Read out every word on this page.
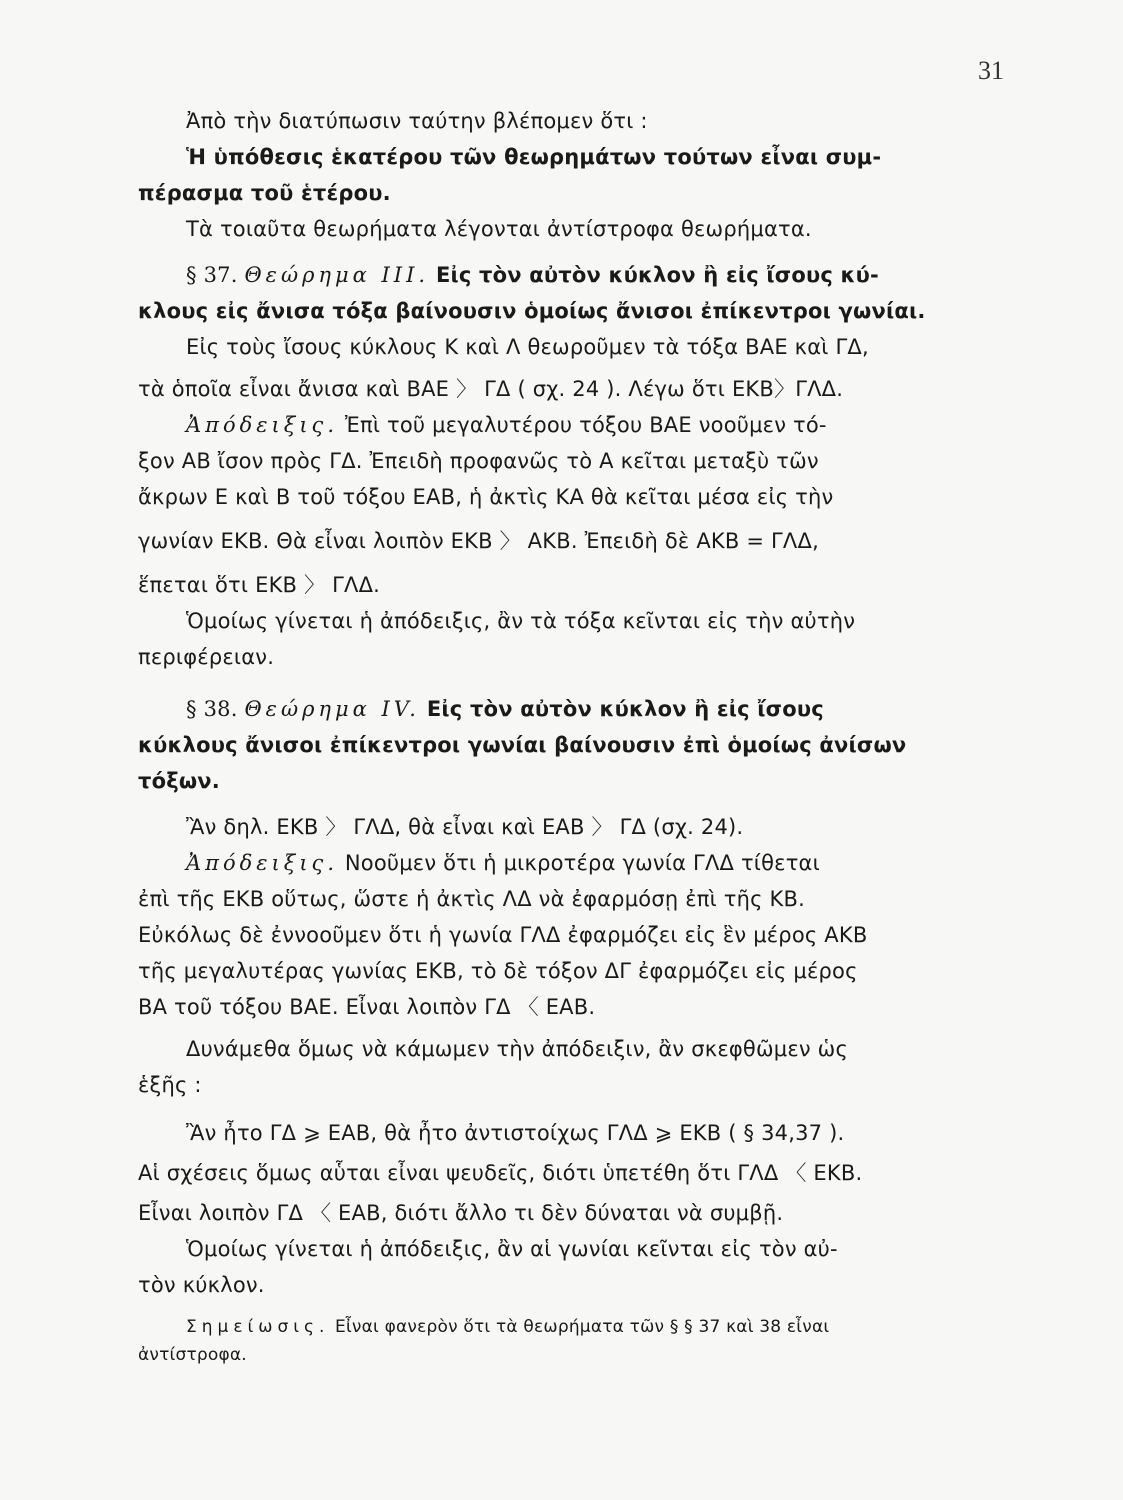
31
Ἀπὸ τὴν διατύπωσιν ταύτην βλέπομεν ὅτι :
Ἡ ὑπόθεσις ἑκατέρου τῶν θεωρημάτων τούτων εἶναι συμ-
πέρασμα τοῦ ἑτέρου.
Τὰ τοιαῦτα θεωρήματα λέγονται ἀντίστροφα θεωρήματα.
§ 37. Θεώρημα ΙΙΙ. Εἰς τὸν αὐτὸν κύκλον ἢ εἰς ἴσους κύ-
κλους εἰς ἄνισα τόξα βαίνουσιν ὁμοίως ἄνισοι ἐπίκεντροι γωνίαι.
Εἰς τοὺς ἴσους κύκλους Κ καὶ Λ θεωροῦμεν τὰ τόξα ΒΑΕ καὶ ΓΔ,
τὰ ὁποῖα εἶναι ἄνισα καὶ ΒΑΕ 〉 ΓΔ ( σχ. 24 ). Λέγω ὅτι ΕΚΒ〉ΓΛΔ.
Ἀπόδειξις. Ἐπὶ τοῦ μεγαλυτέρου τόξου ΒΑΕ νοοῦμεν τό-
ξον ΑΒ ἴσον πρὸς ΓΔ. Ἐπειδὴ προφανῶς τὸ Α κεῖται μεταξὺ τῶν
ἄκρων Ε καὶ Β τοῦ τόξου ΕΑΒ, ἡ ἀκτὶς ΚΑ θὰ κεῖται μέσα εἰς τὴν
γωνίαν ΕΚΒ. Θὰ εἶναι λοιπὸν ΕΚΒ 〉 ΑΚΒ. Ἐπειδὴ δὲ ΑΚΒ = ΓΛΔ,
ἕπεται ὅτι ΕΚΒ 〉 ΓΛΔ.
Ὁμοίως γίνεται ἡ ἀπόδειξις, ἂν τὰ τόξα κεῖνται εἰς τὴν αὐτὴν
περιφέρειαν.
§ 38. Θεώρημα IV. Εἰς τὸν αὐτὸν κύκλον ἢ εἰς ἴσους
κύκλους ἄνισοι ἐπίκεντροι γωνίαι βαίνουσιν ἐπὶ ὁμοίως ἀνίσων
τόξων.
Ἂν δηλ. ΕΚΒ 〉 ΓΛΔ, θὰ εἶναι καὶ ΕΑΒ 〉 ΓΔ (σχ. 24).
Ἀπόδειξις. Νοοῦμεν ὅτι ἡ μικροτέρα γωνία ΓΛΔ τίθεται
ἐπὶ τῆς ΕΚΒ οὕτως, ὥστε ἡ ἀκτὶς ΛΔ νὰ ἐφαρμόσῃ ἐπὶ τῆς ΚΒ.
Εὐκόλως δὲ ἐννοοῦμεν ὅτι ἡ γωνία ΓΛΔ ἐφαρμόζει εἰς ἓν μέρος ΑΚΒ
τῆς μεγαλυτέρας γωνίας ΕΚΒ, τὸ δὲ τόξον ΔΓ ἐφαρμόζει εἰς μέρος
ΒΑ τοῦ τόξου ΒΑΕ. Εἶναι λοιπὸν ΓΔ 〈 ΕΑΒ.
Δυνάμεθα ὅμως νὰ κάμωμεν τὴν ἀπόδειξιν, ἂν σκεφθῶμεν ὡς
ἑξῆς :
Ἂν ἦτο ΓΔ ⩾ ΕΑΒ, θὰ ἦτο ἀντιστοίχως ΓΛΔ ⩾ ΕΚΒ ( § 34,37 ).
Αἱ σχέσεις ὅμως αὗται εἶναι ψευδεῖς, διότι ὑπετέθη ὅτι ΓΛΔ 〈 ΕΚΒ.
Εἶναι λοιπὸν ΓΔ 〈 ΕΑΒ, διότι ἄλλο τι δὲν δύναται νὰ συμβῇ.
Ὁμοίως γίνεται ἡ ἀπόδειξις, ἂν αἱ γωνίαι κεῖνται εἰς τὸν αὐ-
τὸν κύκλον.
Σημείωσις. Εἶναι φανερὸν ὅτι τὰ θεωρήματα τῶν § § 37 καὶ 38 εἶναι
ἀντίστροφα.
